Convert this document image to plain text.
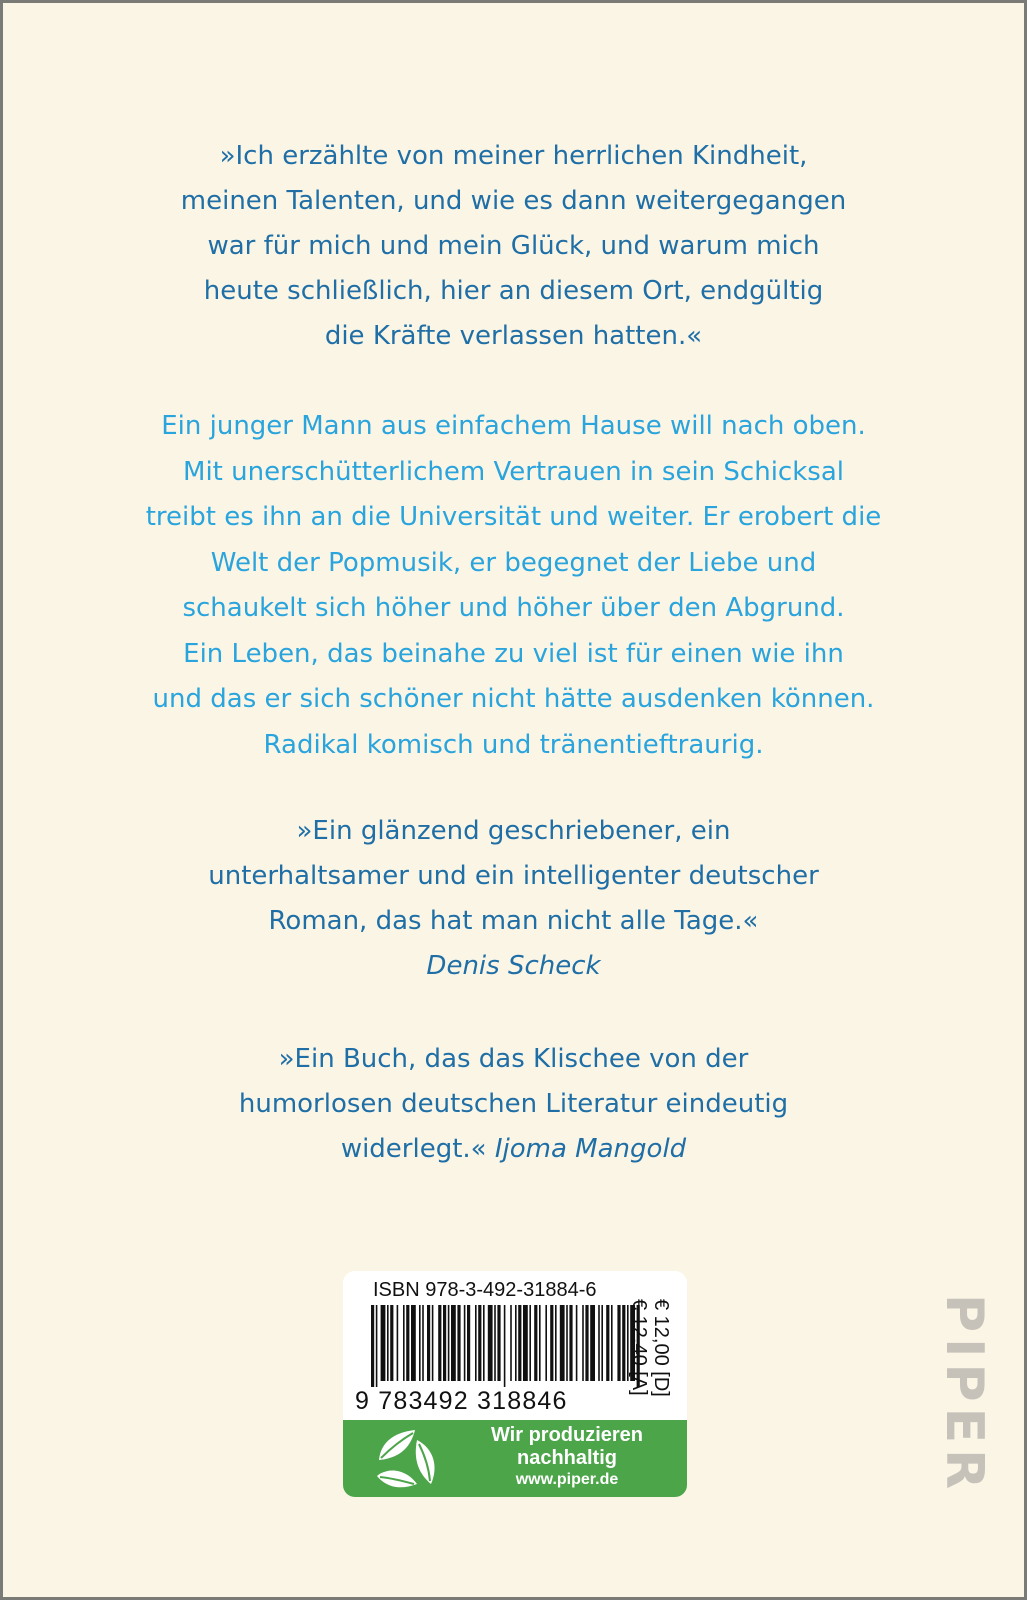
»Ich erzählte von meiner herrlichen Kindheit,
meinen Talenten, und wie es dann weitergegangen
war für mich und mein Glück, und warum mich
heute schließlich, hier an diesem Ort, endgültig
die Kräfte verlassen hatten.«
Ein junger Mann aus einfachem Hause will nach oben.
Mit unerschütterlichem Vertrauen in sein Schicksal
treibt es ihn an die Universität und weiter. Er erobert die
Welt der Popmusik, er begegnet der Liebe und
schaukelt sich höher und höher über den Abgrund.
Ein Leben, das beinahe zu viel ist für einen wie ihn
und das er sich schöner nicht hätte ausdenken können.
Radikal komisch und tränentieftraurig.
»Ein glänzend geschriebener, ein
unterhaltsamer und ein intelligenter deutscher
Roman, das hat man nicht alle Tage.«
Denis Scheck
»Ein Buch, das das Klischee von der
humorlosen deutschen Literatur eindeutig
widerlegt.« Ijoma Mangold
ISBN 978-3-492-31884-6
9 783492 318846
€ 12,00 [D]
€ 12,40 [A]
Wir produzieren
nachhaltig
www.piper.de	PIPER
